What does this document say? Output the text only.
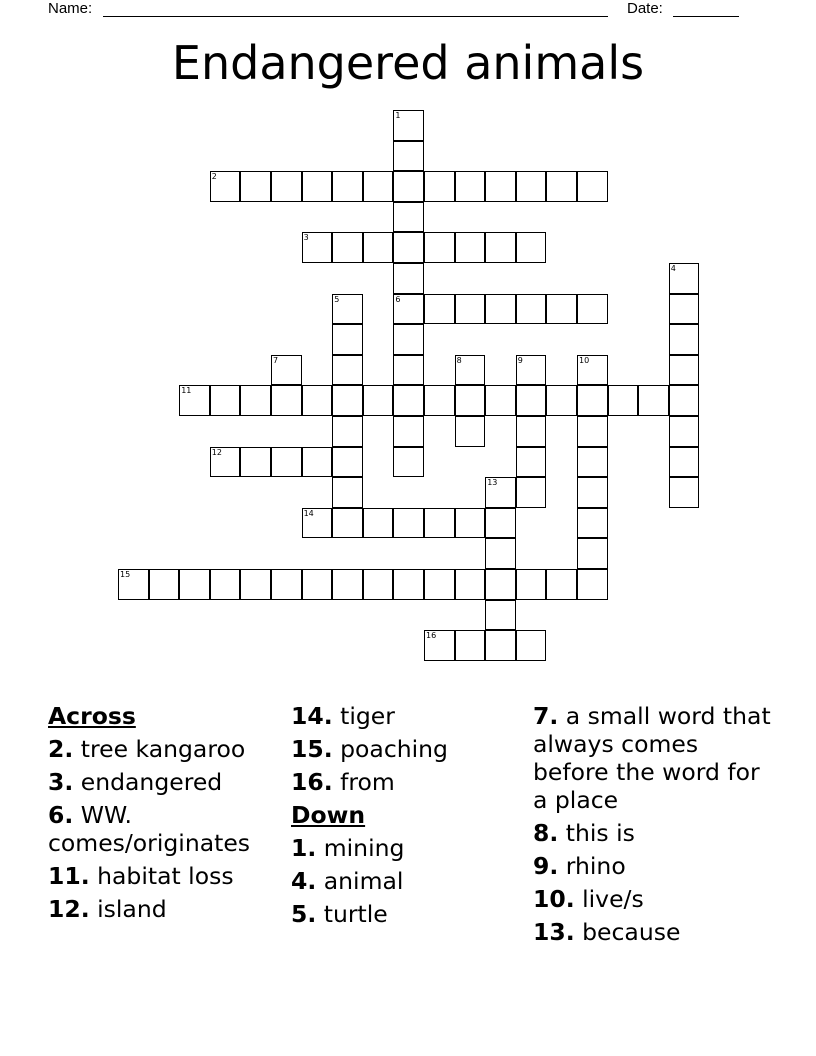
Name:	Date:
Endangered animals
1
6
2
3
4
5
7	8	9	10
11
12
13
14
15
16
Across
2. tree kangaroo
3. endangered
6. WW. comes/originates
11. habitat loss
12. island
14. tiger
15. poaching
16. from
Down
1. mining
4. animal
5. turtle
7. a small word that always comes before the word for a place
8. this is
9. rhino
10. live/s
13. because
